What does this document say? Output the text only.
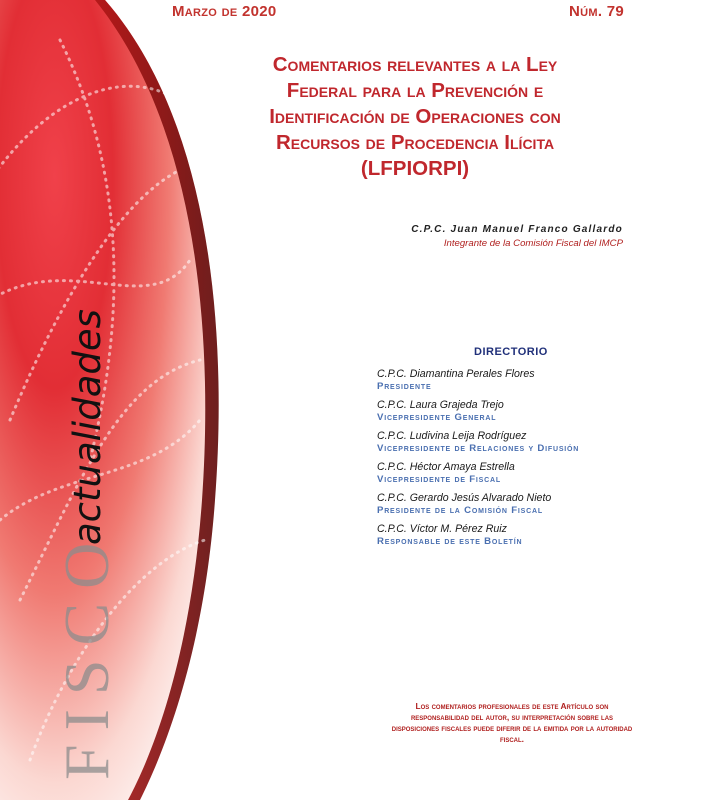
FISCO
actualidades
Marzo de 2020	Núm. 79
Comentarios relevantes a la Ley
Federal para la Prevención e
Identificación de Operaciones con
Recursos de Procedencia Ilícita
(LFPIORPI)
C.P.C. Juan Manuel Franco Gallardo
Integrante de la Comisión Fiscal del IMCP
DIRECTORIO
C.P.C. Diamantina Perales Flores
Presidente
C.P.C. Laura Grajeda Trejo
Vicepresidente General
C.P.C. Ludivina Leija Rodríguez
Vicepresidente de Relaciones y Difusión
C.P.C. Héctor Amaya Estrella
Vicepresidente de Fiscal
C.P.C. Gerardo Jesús Alvarado Nieto
Presidente de la Comisión Fiscal
C.P.C. Víctor M. Pérez Ruiz
Responsable de este Boletín
Los comentarios profesionales de este Artículo son responsabilidad del autor, su interpretación sobre las disposiciones fiscales puede diferir de la emitida por la autoridad fiscal.
